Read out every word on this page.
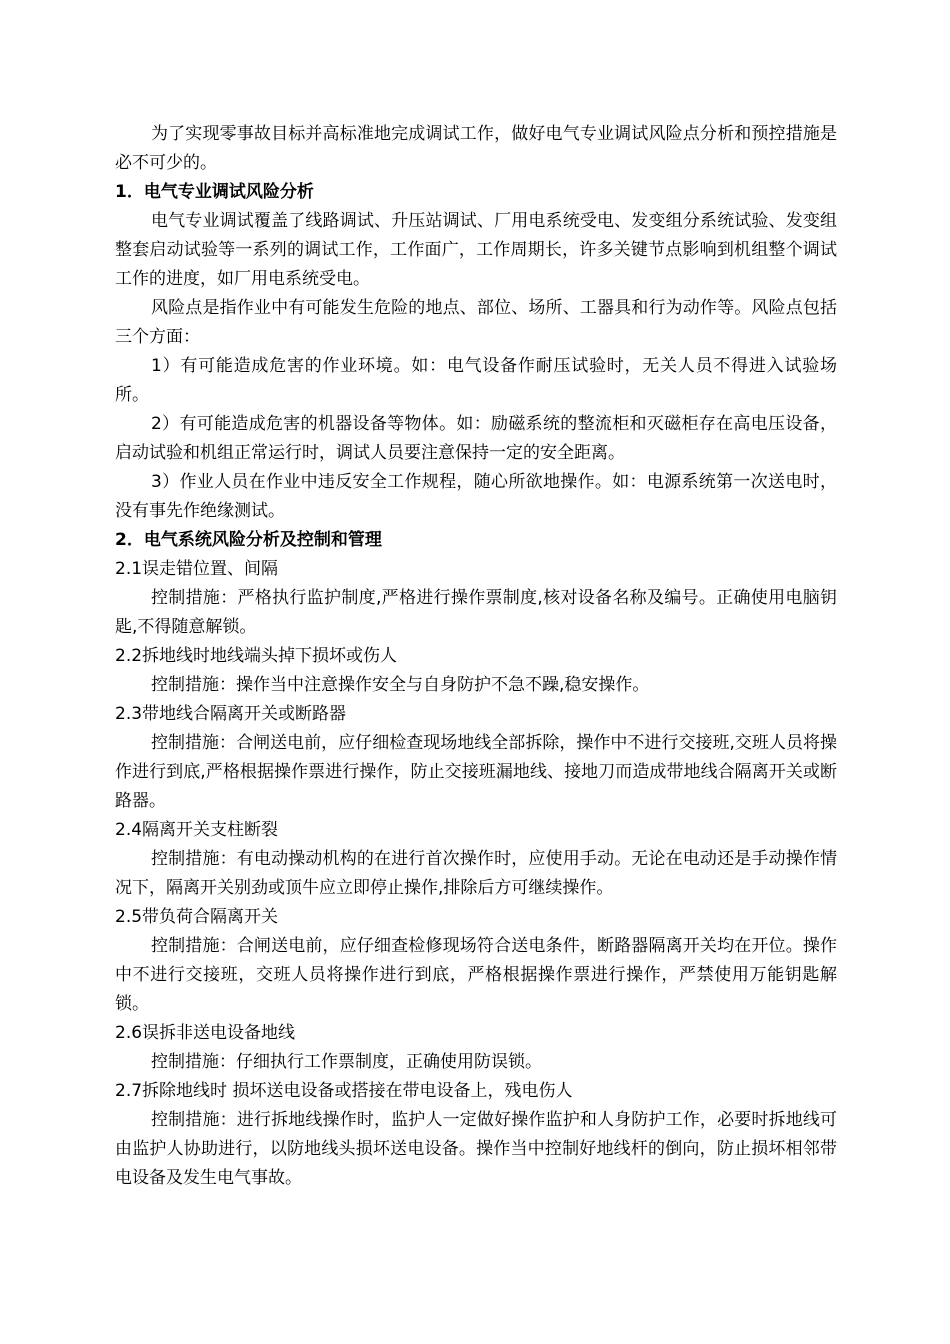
为了实现零事故目标并高标准地完成调试工作，做好电气专业调试风险点分析和预控措施是必不可少的。

1．电气专业调试风险分析

电气专业调试覆盖了线路调试、升压站调试、厂用电系统受电、发变组分系统试验、发变组整套启动试验等一系列的调试工作，工作面广，工作周期长，许多关键节点影响到机组整个调试工作的进度，如厂用电系统受电。

风险点是指作业中有可能发生危险的地点、部位、场所、工器具和行为动作等。风险点包括三个方面：

1）有可能造成危害的作业环境。如：电气设备作耐压试验时，无关人员不得进入试验场所。

2）有可能造成危害的机器设备等物体。如：励磁系统的整流柜和灭磁柜存在高电压设备，启动试验和机组正常运行时，调试人员要注意保持一定的安全距离。

3）作业人员在作业中违反安全工作规程，随心所欲地操作。如：电源系统第一次送电时，没有事先作绝缘测试。

2．电气系统风险分析及控制和管理

2.1误走错位置、间隔

控制措施：严格执行监护制度,严格进行操作票制度,核对设备名称及编号。正确使用电脑钥匙,不得随意解锁。

2.2拆地线时地线端头掉下损坏或伤人

控制措施：操作当中注意操作安全与自身防护不急不躁,稳安操作。

2.3带地线合隔离开关或断路器

控制措施：合闸送电前，应仔细检查现场地线全部拆除，操作中不进行交接班,交班人员将操作进行到底,严格根据操作票进行操作，防止交接班漏地线、接地刀而造成带地线合隔离开关或断路器。

2.4隔离开关支柱断裂

控制措施：有电动操动机构的在进行首次操作时，应使用手动。无论在电动还是手动操作情况下，隔离开关别劲或顶牛应立即停止操作,排除后方可继续操作。

2.5带负荷合隔离开关

控制措施：合闸送电前，应仔细查检修现场符合送电条件，断路器隔离开关均在开位。操作中不进行交接班，交班人员将操作进行到底，严格根据操作票进行操作，严禁使用万能钥匙解锁。

2.6误拆非送电设备地线

控制措施：仔细执行工作票制度，正确使用防误锁。

2.7拆除地线时 损坏送电设备或搭接在带电设备上，残电伤人

控制措施：进行拆地线操作时，监护人一定做好操作监护和人身防护工作，必要时拆地线可由监护人协助进行，以防地线头损坏送电设备。操作当中控制好地线杆的倒向，防止损坏相邻带电设备及发生电气事故。
